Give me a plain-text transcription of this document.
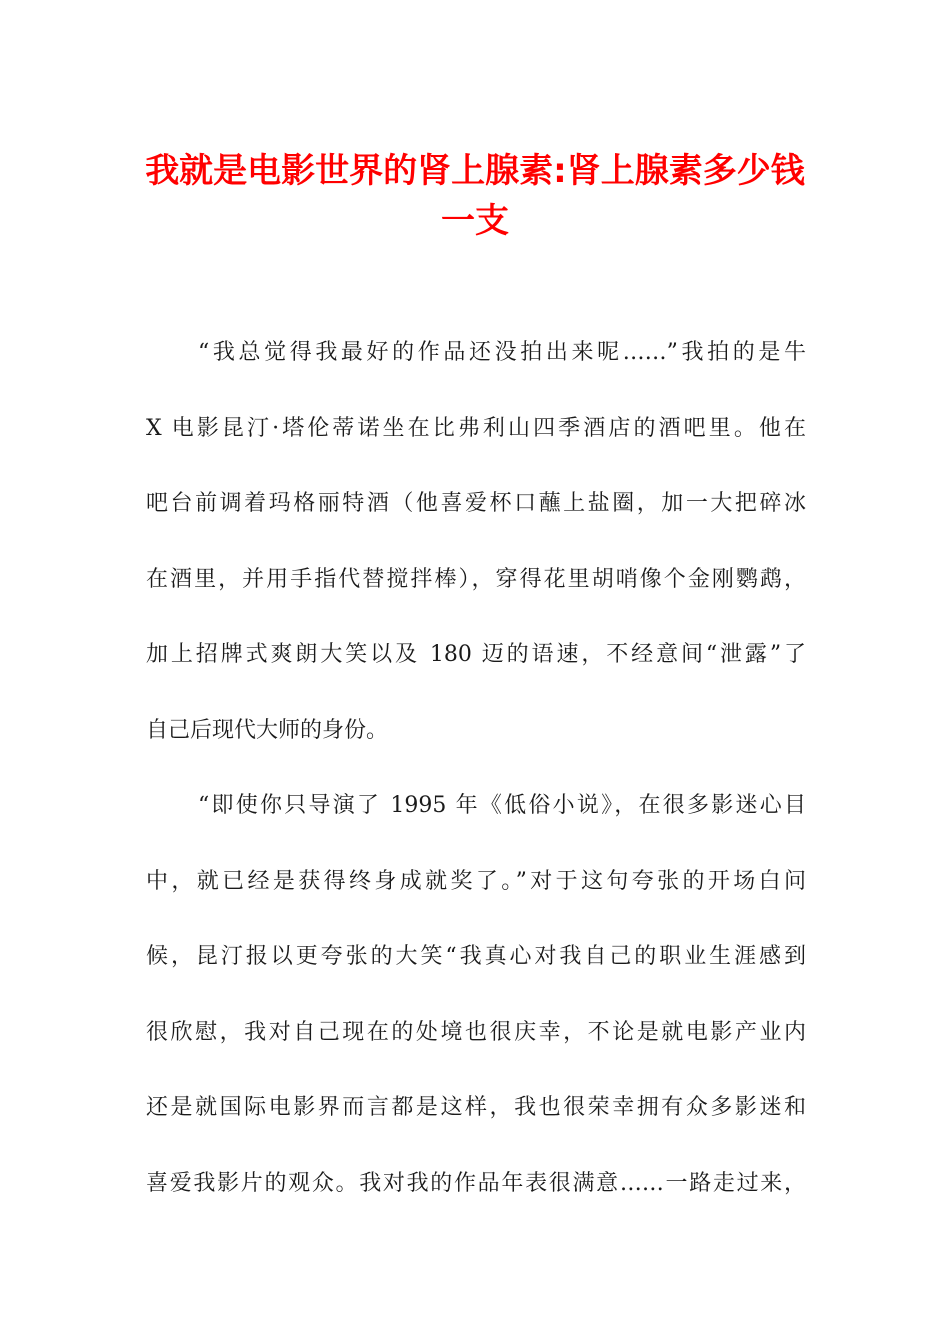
我就是电影世界的肾上腺素:肾上腺素多少钱
一支
“我总觉得我最好的作品还没拍出来呢……”我拍的是牛
X 电影昆汀·塔伦蒂诺坐在比弗利山四季酒店的酒吧里。他在
吧台前调着玛格丽特酒（他喜爱杯口蘸上盐圈，加一大把碎冰
在酒里，并用手指代替搅拌棒），穿得花里胡哨像个金刚鹦鹉，
加上招牌式爽朗大笑以及 180 迈的语速，不经意间“泄露”了
自己后现代大师的身份。
“即使你只导演了 1995 年《低俗小说》，在很多影迷心目
中，就已经是获得终身成就奖了。”对于这句夸张的开场白问
候，昆汀报以更夸张的大笑“我真心对我自己的职业生涯感到
很欣慰，我对自己现在的处境也很庆幸，不论是就电影产业内
还是就国际电影界而言都是这样，我也很荣幸拥有众多影迷和
喜爱我影片的观众。我对我的作品年表很满意……一路走过来，
